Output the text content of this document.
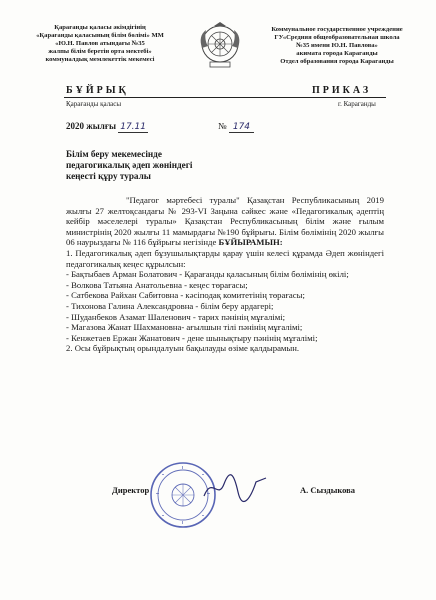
Қарағанды қаласы әкімдігінің
«Қарағанды қаласының білім бөлімі» ММ
«Ю.Н. Павлов атындағы №35
жалпы білім беретін орта мектебі»
коммуналдық мемлекеттік мекемесі
Коммунальное государственное учреждение
ГУ«Средняя общеобразовательная школа
№35 имени Ю.Н. Павлова»
акимата города Караганды
Отдел образования города Караганды
БҰЙРЫҚ	ПРИКАЗ
Қарағанды қаласы	г. Караганды
2020 жылғы 17.11	№ 174
Білім беру мекемесінде
педагогикалық әдеп жөніндегі
кеңесті құру туралы

"Педагог мәртебесі туралы" Қазақстан Республикасының 2019 жылғы 27 желтоқсандағы № 293-VI Заңына сәйкес және «Педагогикалық әдептің кейбір мәселелері туралы» Қазақстан Республикасының білім және ғылым министрінің 2020 жылғы 11 мамырдағы №190 бұйрығы. Білім бөлімінің 2020 жылғы 06 наурыздағы № 116 бұйрығы негізінде БҰЙЫРАМЫН:

1. Педагогикалық әдеп бұзушылықтарды қарау үшін келесі құрамда Әдеп жөніндегі педагогикалық кеңес құрылсын:

- Бақтыбаев Арман Болатович - Қарағанды қаласының білім бөлімінің өкілі;

- Волкова Татьяна Анатольевна - кеңес төрағасы;

- Сатбекова Райхан Сабитовна - кәсіподақ комитетінің төрағасы;

- Тихонова Галина Александровна - білім беру ардагері;

- Шуданбеков Азамат Шаленович - тарих пәнінің мұғалімі;

- Магазова Жанат Шахмановна- ағылшын тілі пәнінің мұғалімі;

- Кенжетаев Ержан Жанатович - дене шынықтыру пәнінің мұғалімі;

2. Осы бұйрықтың орындалуын бақылауды өзіме қалдырамын.

Директор	А. Сыздыкова
